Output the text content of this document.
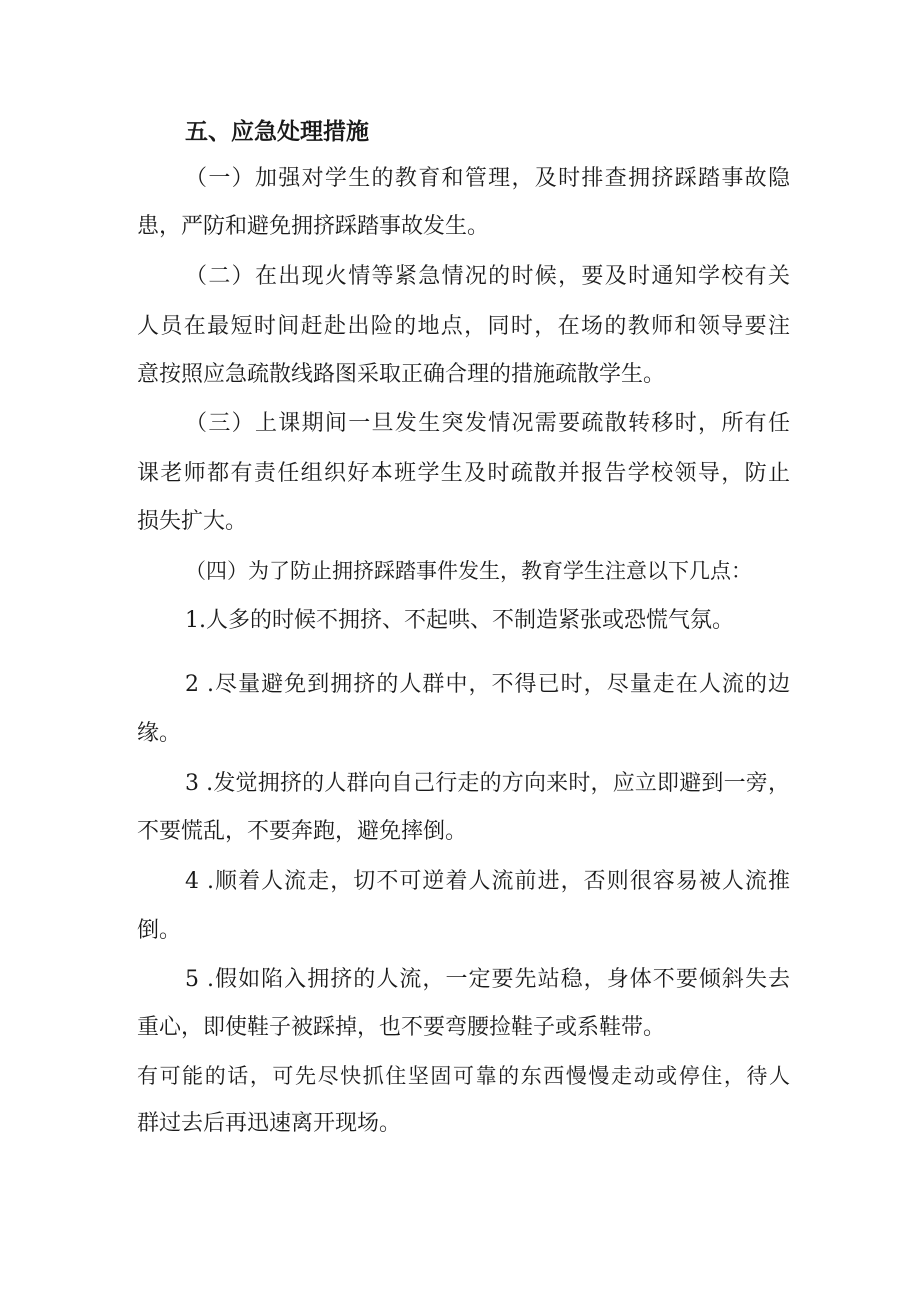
五、应急处理措施
（一）加强对学生的教育和管理，及时排查拥挤踩踏事故隐
患，严防和避免拥挤踩踏事故发生。
（二）在出现火情等紧急情况的时候，要及时通知学校有关
人员在最短时间赶赴出险的地点，同时，在场的教师和领导要注
意按照应急疏散线路图采取正确合理的措施疏散学生。
（三）上课期间一旦发生突发情况需要疏散转移时，所有任
课老师都有责任组织好本班学生及时疏散并报告学校领导，防止
损失扩大。
（四）为了防止拥挤踩踏事件发生，教育学生注意以下几点：
1.人多的时候不拥挤、不起哄、不制造紧张或恐慌气氛。
2 .尽量避免到拥挤的人群中，不得已时，尽量走在人流的边
缘。
3 .发觉拥挤的人群向自己行走的方向来时，应立即避到一旁，
不要慌乱，不要奔跑，避免摔倒。
4 .顺着人流走，切不可逆着人流前进，否则很容易被人流推
倒。
5 .假如陷入拥挤的人流，一定要先站稳，身体不要倾斜失去
重心，即使鞋子被踩掉，也不要弯腰捡鞋子或系鞋带。
有可能的话，可先尽快抓住坚固可靠的东西慢慢走动或停住，待人
群过去后再迅速离开现场。
